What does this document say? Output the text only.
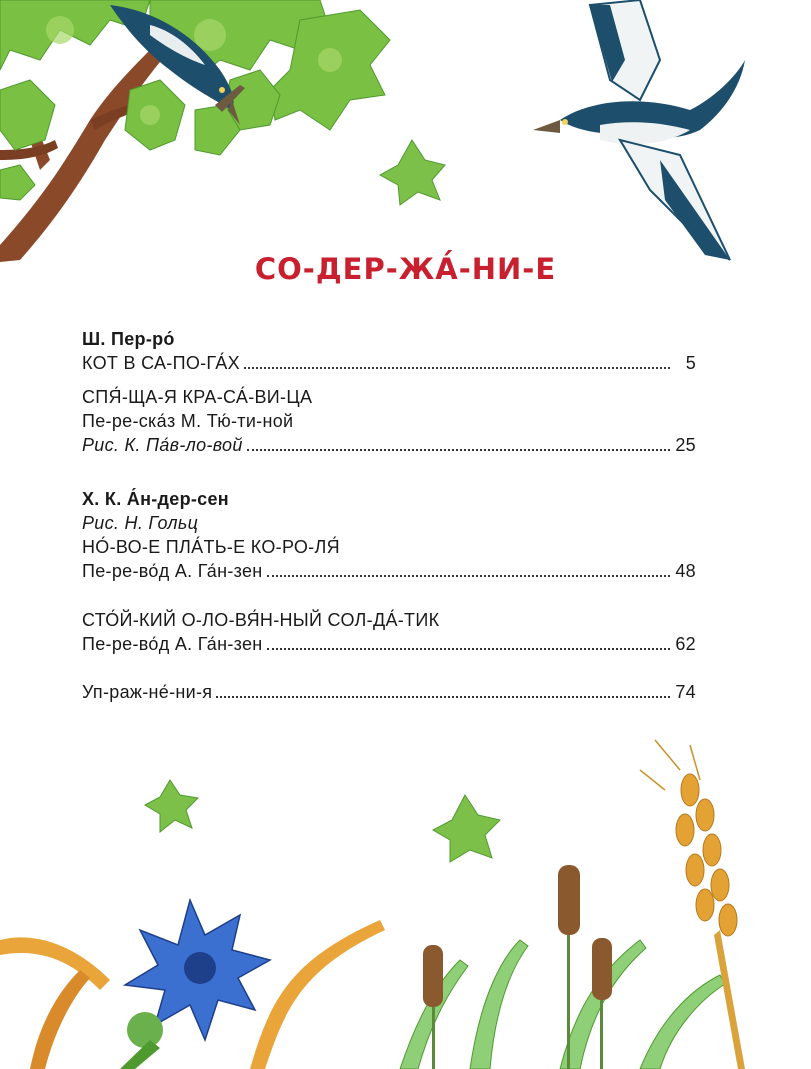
СО-ДЕР-ЖА́-НИ-Е
Ш. Пер-ро́
КОТ В СА-ПО-ГА́Х	5
СПЯ́-ЩА-Я КРА-СА́-ВИ-ЦА
Пе-ре-ска́з М. Тю́-ти-ной
Рис. К. Па́в-ло-вой	25
Х. К. А́н-дер-сен
Рис. Н. Гольц
НО́-ВО-Е ПЛА́ТЬ-Е КО-РО-ЛЯ́
Пе-ре-во́д А. Га́н-зен	48
СТО́Й-КИЙ О-ЛО-ВЯ́Н-НЫЙ СОЛ-ДА́-ТИК
Пе-ре-во́д А. Га́н-зен	62
Уп-раж-не́-ни-я	74
